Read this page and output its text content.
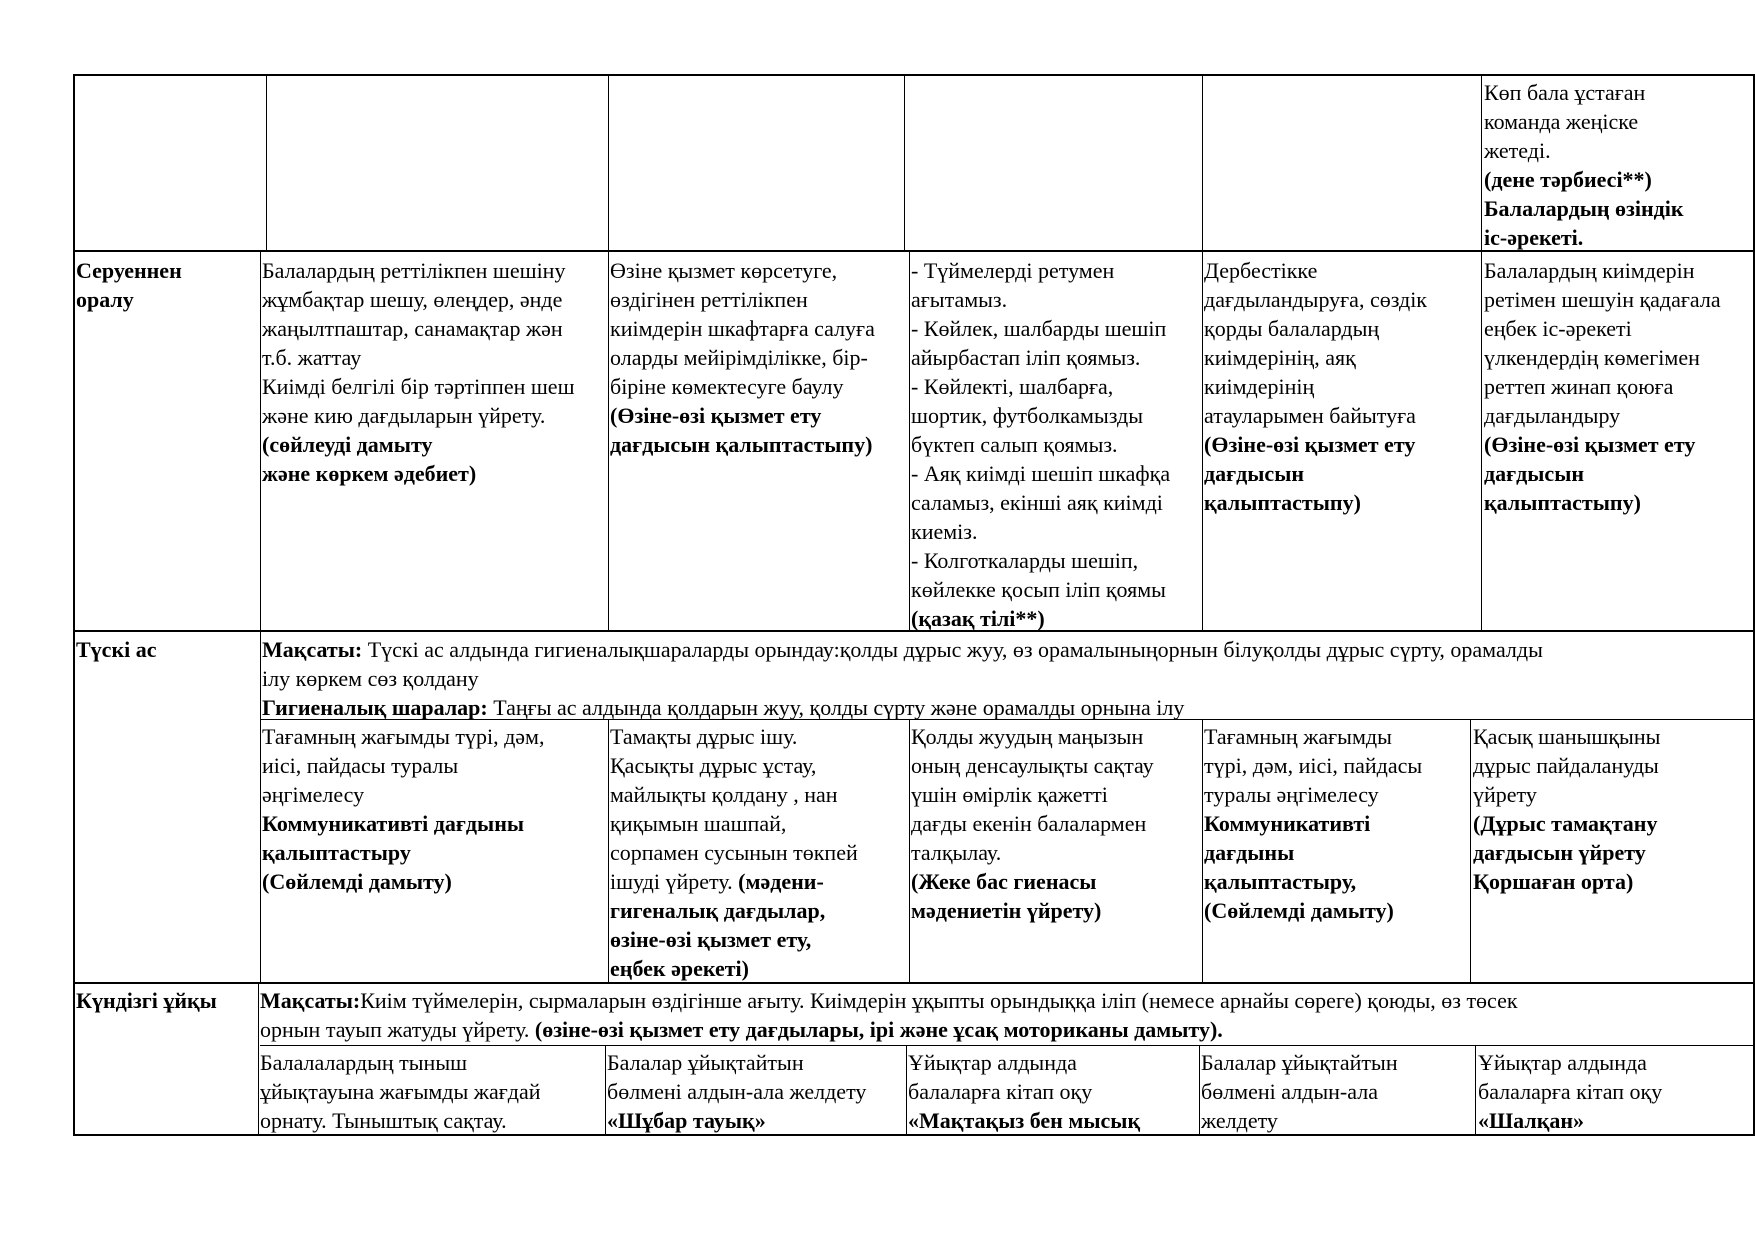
Көп бала ұстаған
команда жеңіске
жетеді.
(дене тәрбиесі**)
Балалардың өзіндік
іс-әрекеті.
Серуеннен
оралу
Балалардың реттілікпен шешіну
жұмбақтар шешу, өлеңдер, әнде
жаңылтпаштар, санамақтар жән
т.б. жаттау
Киімді белгілі бір тәртіппен шеш
және кию дағдыларын үйрету.
(сөйлеуді дамыту
және көркем әдебиет)
Өзіне қызмет көрсетуге,
өздігінен реттілікпен
киімдерін шкафтарға салуға
оларды мейірімділікке, бір-
біріне көмектесуге баулу
(Өзіне-өзі қызмет ету
дағдысын қалыптастыпу)
- Түймелерді ретумен
ағытамыз.
- Көйлек, шалбарды шешіп
айырбастап іліп қоямыз.
- Көйлекті, шалбарға,
шортик, футболкамызды
бүктеп салып қоямыз.
- Аяқ киімді шешіп шкафқа
саламыз, екінші аяқ киімді
киеміз.
- Колготкаларды шешіп,
көйлекке қосып іліп қоямы
(қазақ тілі**)
Дербестікке
дағдыландыруға, сөздік
қорды балалардың
киімдерінің, аяқ
киімдерінің
атауларымен байытуға
(Өзіне-өзі қызмет ету
дағдысын
қалыптастыпу)
Балалардың киімдерін
ретімен шешуін қадағала
еңбек іс-әрекеті
үлкендердің көмегімен
реттеп жинап қоюға
дағдыландыру
(Өзіне-өзі қызмет ету
дағдысын
қалыптастыпу)
Түскі ас	Мақсаты: Түскі ас алдында гигиеналықшараларды орындау:қолды дұрыс жуу, өз орамалыныңорнын білуқолды дұрыс сүрту, орамалды
ілу көркем сөз қолдану
Гигиеналық шаралар: Таңғы ас алдында қолдарын жуу, қолды сүрту және орамалды орнына ілу
Тағамның жағымды түрі, дәм,
иісі, пайдасы туралы
әңгімелесу
Коммуникативті дағдыны
қалыптастыру
(Сөйлемді дамыту)
Тамақты дұрыс ішу.
Қасықты дұрыс ұстау,
майлықты қолдану , нан
қиқымын шашпай,
сорпамен сусынын төкпей
ішуді үйрету. (мәдени-
гигеналық дағдылар,
өзіне-өзі қызмет ету,
еңбек әрекеті)
Қолды жуудың маңызын
оның денсаулықты сақтау
үшін өмірлік қажетті
дағды екенін балалармен
талқылау.
(Жеке бас гиенасы
мәдениетін үйрету)
Тағамның жағымды
түрі, дәм, иісі, пайдасы
туралы әңгімелесу
Коммуникативті
дағдыны
қалыптастыру,
(Сөйлемді дамыту)
Қасық шанышқыны
дұрыс пайдалануды
үйрету
(Дұрыс тамақтану
дағдысын үйрету
Қоршаған орта)
Күндізгі ұйқы	Мақсаты:Киім түймелерін, сырмаларын өздігінше ағыту. Киімдерін ұқыпты орындыққа іліп (немесе арнайы сөреге) қоюды, өз төсек
орнын тауып жатуды үйрету. (өзіне-өзі қызмет ету дағдылары, ірі және ұсақ моториканы дамыту).
Балалалардың тыныш
ұйықтауына жағымды жағдай
орнату. Тыныштық сақтау.
Балалар ұйықтайтын
бөлмені алдын-ала желдету
«Шұбар тауық»
Ұйықтар алдында
балаларға кітап оқу
«Мақтақыз бен мысық
Балалар ұйықтайтын
бөлмені алдын-ала
желдету
Ұйықтар алдында
балаларға кітап оқу
«Шалқан»
